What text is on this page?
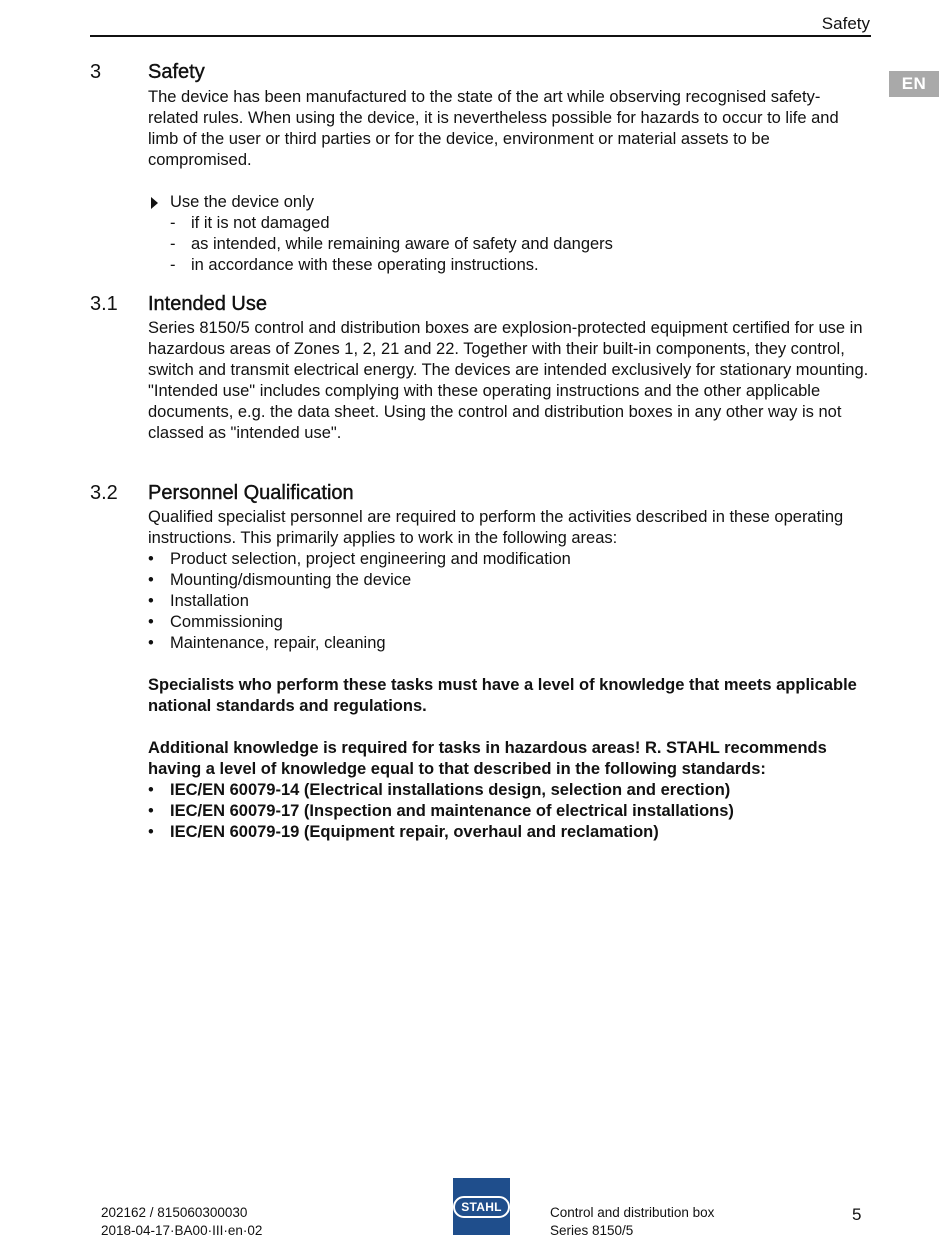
Safety
EN
3 Safety

The device has been manufactured to the state of the art while observing recognised safety-related rules. When using the device, it is nevertheless possible for hazards to occur to life and limb of the user or third parties or for the device, environment or material assets to be compromised.

Use the device only
- if it is not damaged
- as intended, while remaining aware of safety and dangers
- in accordance with these operating instructions.
3.1 Intended Use

Series 8150/5 control and distribution boxes are explosion-protected equipment certified for use in hazardous areas of Zones 1, 2, 21 and 22. Together with their built-in components, they control, switch and transmit electrical energy. The devices are intended exclusively for stationary mounting.

"Intended use" includes complying with these operating instructions and the other applicable documents, e.g. the data sheet. Using the control and distribution boxes in any other way is not classed as "intended use".

3.2 Personnel Qualification

Qualified specialist personnel are required to perform the activities described in these operating instructions. This primarily applies to work in the following areas:

• Product selection, project engineering and modification
• Mounting/dismounting the device
• Installation
• Commissioning
• Maintenance, repair, cleaning

Specialists who perform these tasks must have a level of knowledge that meets applicable national standards and regulations.

Additional knowledge is required for tasks in hazardous areas! R. STAHL recommends having a level of knowledge equal to that described in the following standards:

• IEC/EN 60079-14 (Electrical installations design, selection and erection)
• IEC/EN 60079-17 (Inspection and maintenance of electrical installations)
• IEC/EN 60079-19 (Equipment repair, overhaul and reclamation)
202162 / 815060300030
2018-04-17·BA00·III·en·02
STAHL	Control and distribution box
Series 8150/5
5
